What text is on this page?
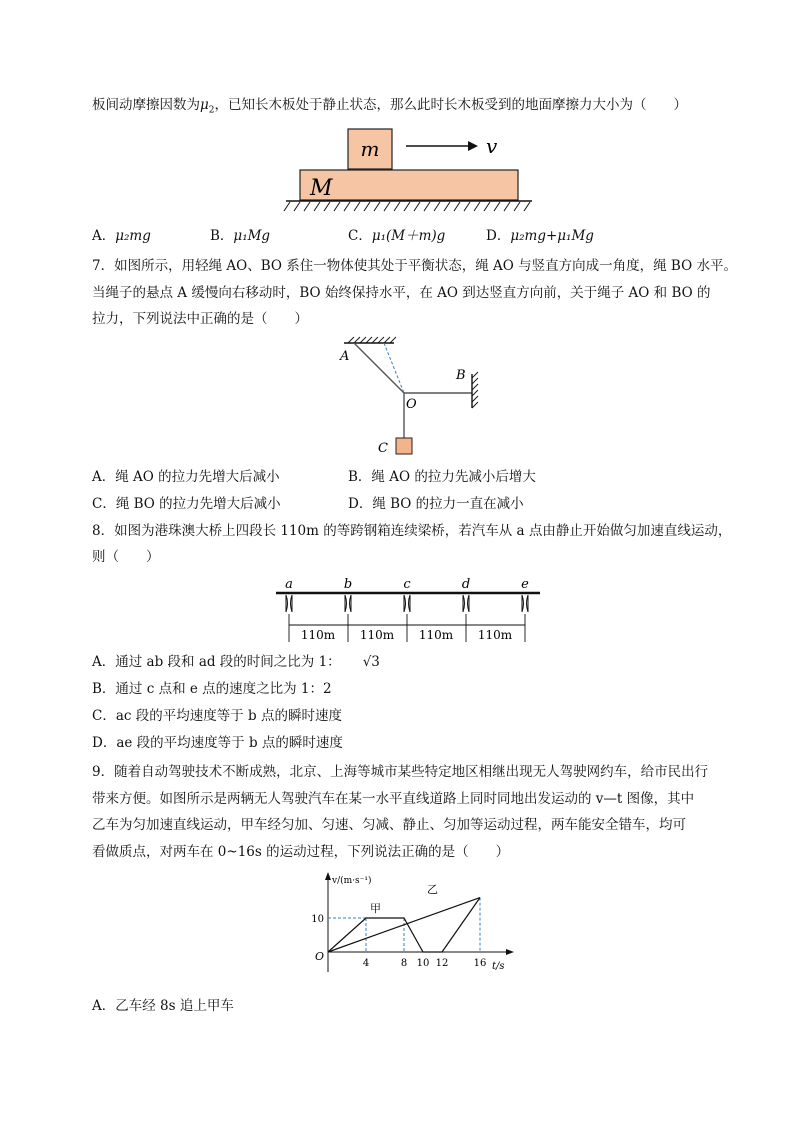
板间动摩擦因数为$\mu_2$，已知长木板处于静止状态，那么此时长木板受到的地面摩擦力大小为（　　）
m	v
M
A．μ₂mg	B．μ₁Mg	C．μ₁(M＋m)g	D．μ₂mg+μ₁Mg
7．如图所示，用轻绳 AO、BO 系住一物体使其处于平衡状态，绳 AO 与竖直方向成一角度，绳 BO 水平。
当绳子的悬点 A 缓慢向右移动时，BO 始终保持水平，在 AO 到达竖直方向前，关于绳子 AO 和 BO 的
拉力，下列说法中正确的是（　　）
A
B
O
C
A．绳 AO 的拉力先增大后减小	B．绳 AO 的拉力先减小后增大
C．绳 BO 的拉力先增大后减小	D．绳 BO 的拉力一直在减小
8．如图为港珠澳大桥上四段长 110m 的等跨钢箱连续梁桥，若汽车从 a 点由静止开始做匀加速直线运动，
则（　　）
a	b	c	d	e
110m 110m 110m 110m
A．通过 ab 段和 ad 段的时间之比为 1： √3
B．通过 c 点和 e 点的速度之比为 1：2
C．ac 段的平均速度等于 b 点的瞬时速度
D．ae 段的平均速度等于 b 点的瞬时速度
9．随着自动驾驶技术不断成熟，北京、上海等城市某些特定地区相继出现无人驾驶网约车，给市民出行
带来方便。如图所示是两辆无人驾驶汽车在某一水平直线道路上同时同地出发运动的 v—t 图像，其中
乙车为匀加速直线运动，甲车经匀加、匀速、匀减、静止、匀加等运动过程，两车能安全错车，均可
看做质点，对两车在 0~16s 的运动过程，下列说法正确的是（　　）
v/(m·s⁻¹)
t/s
O
甲
乙
4	8 10 12	16
10
A．乙车经 8s 追上甲车
